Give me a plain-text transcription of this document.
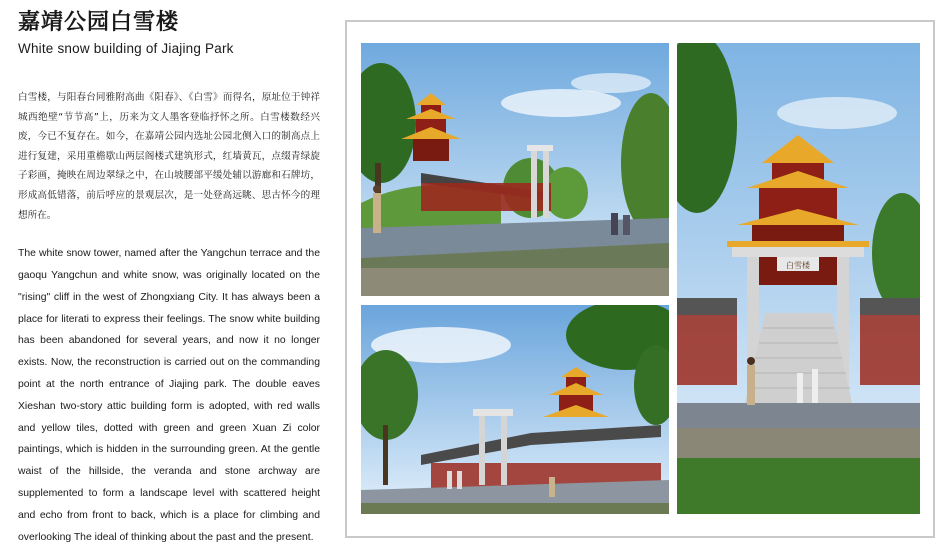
嘉靖公园白雪楼
White snow building of Jiajing Park

白雪楼，与阳春台同雅附高曲《阳春》、《白雪》而得名，原址位于钟祥城西绝壁“节节高”上，历来为文人墨客登临抒怀之所。白雪楼数经兴废，今已不复存在。如今，在嘉靖公园内选址公园北侧入口的制高点上进行复建，采用重檐歇山两层阁楼式建筑形式，红墙黄瓦，点缀青绿旋子彩画，掩映在周边翠绿之中，在山坡腰部平缓处辅以游廊和石牌坊，形成高低错落，前后呼应的景观层次，是一处登高远眺、思古怀今的理想所在。

The white snow tower, named after the Yangchun terrace and the gaoqu Yangchun and white snow, was originally located on the "rising" cliff in the west of Zhongxiang City. It has always been a place for literati to express their feelings. The snow white building has been abandoned for several years, and now it no longer exists. Now, the reconstruction is carried out on the commanding point at the north entrance of Jiajing park. The double eaves Xieshan two-story attic building form is adopted, with red walls and yellow tiles, dotted with green and green Xuan Zi color paintings, which is hidden in the surrounding green. At the gentle waist of the hillside, the veranda and stone archway are supplemented to form a landscape level with scattered height and echo from front to back, which is a place for climbing and overlooking The ideal of thinking about the past and the present.

白雪楼
